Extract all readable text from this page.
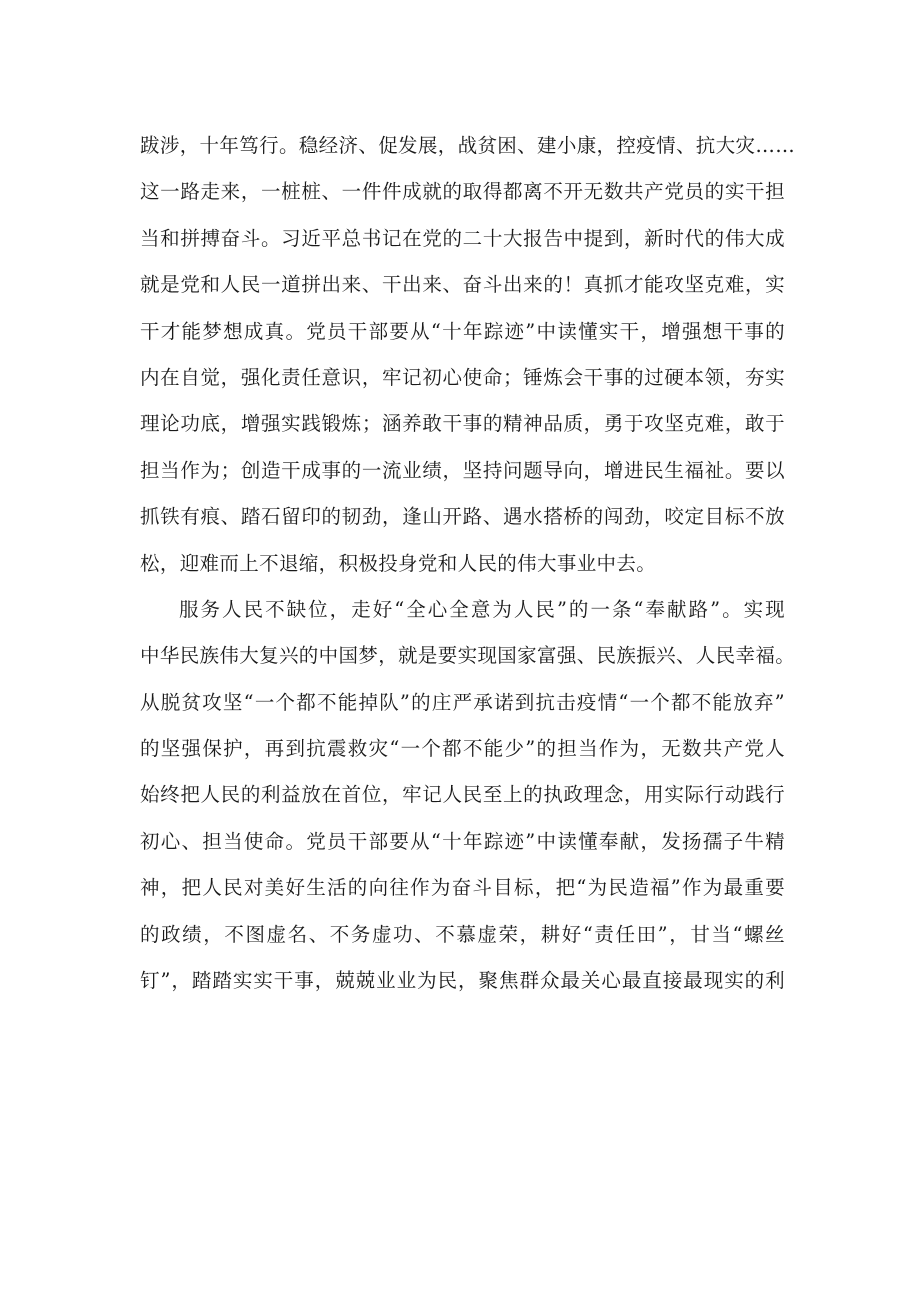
跋涉，十年笃行。稳经济、促发展，战贫困、建小康，控疫情、抗大灾……
这一路走来，一桩桩、一件件成就的取得都离不开无数共产党员的实干担
当和拼搏奋斗。习近平总书记在党的二十大报告中提到，新时代的伟大成
就是党和人民一道拼出来、干出来、奋斗出来的！真抓才能攻坚克难，实
干才能梦想成真。党员干部要从“十年踪迹”中读懂实干，增强想干事的
内在自觉，强化责任意识，牢记初心使命；锤炼会干事的过硬本领，夯实
理论功底，增强实践锻炼；涵养敢干事的精神品质，勇于攻坚克难，敢于
担当作为；创造干成事的一流业绩，坚持问题导向，增进民生福祉。要以
抓铁有痕、踏石留印的韧劲，逢山开路、遇水搭桥的闯劲，咬定目标不放
松，迎难而上不退缩，积极投身党和人民的伟大事业中去。
服务人民不缺位，走好“全心全意为人民”的一条“奉献路”。实现
中华民族伟大复兴的中国梦，就是要实现国家富强、民族振兴、人民幸福。
从脱贫攻坚“一个都不能掉队”的庄严承诺到抗击疫情“一个都不能放弃”
的坚强保护，再到抗震救灾“一个都不能少”的担当作为，无数共产党人
始终把人民的利益放在首位，牢记人民至上的执政理念，用实际行动践行
初心、担当使命。党员干部要从“十年踪迹”中读懂奉献，发扬孺子牛精
神，把人民对美好生活的向往作为奋斗目标，把“为民造福”作为最重要
的政绩，不图虚名、不务虚功、不慕虚荣，耕好“责任田”，甘当“螺丝
钉”，踏踏实实干事，兢兢业业为民，聚焦群众最关心最直接最现实的利
